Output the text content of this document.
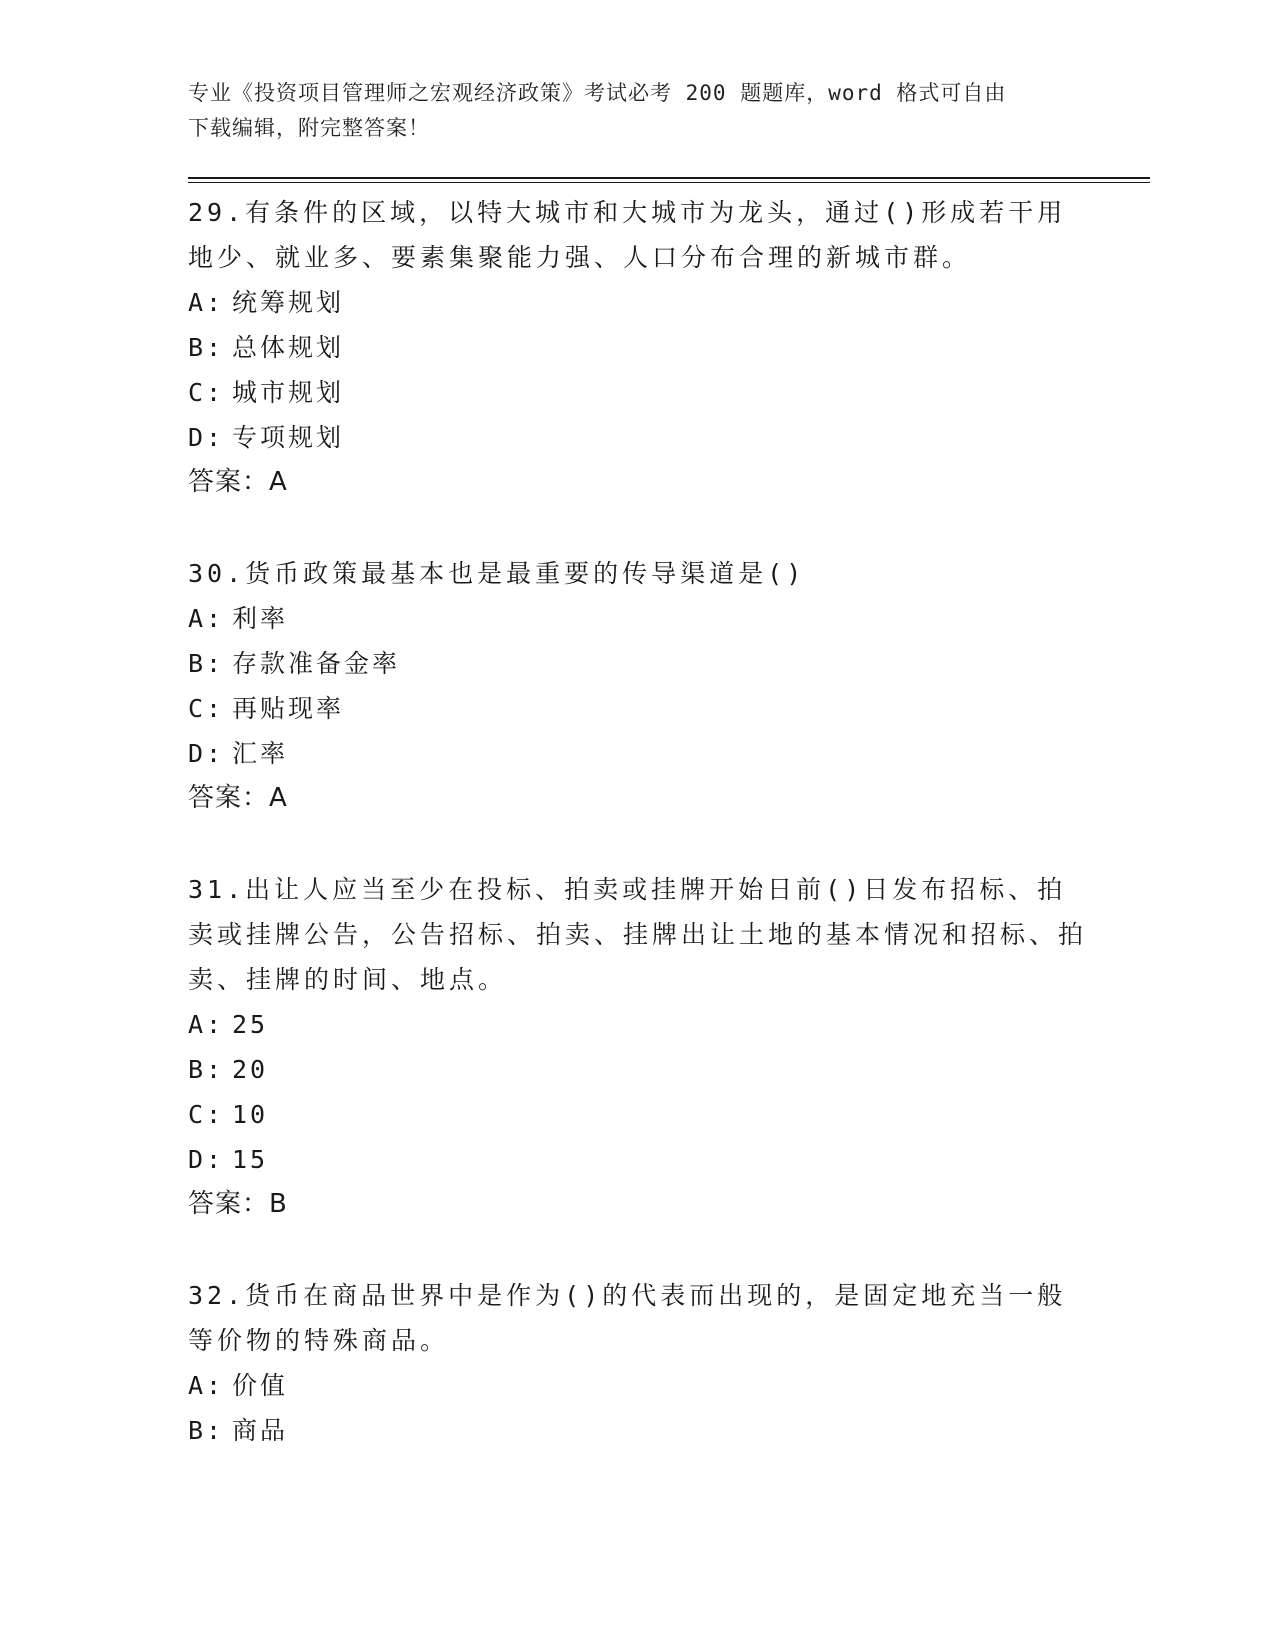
专业《投资项目管理师之宏观经济政策》考试必考 200 题题库，word 格式可自由
下载编辑，附完整答案！
29.有条件的区域，以特大城市和大城市为龙头，通过()形成若干用地少、就业多、要素集聚能力强、人口分布合理的新城市群。
A: 统筹规划
B: 总体规划
C: 城市规划
D: 专项规划
答案：A
30.货币政策最基本也是最重要的传导渠道是()
A: 利率
B: 存款准备金率
C: 再贴现率
D: 汇率
答案：A
31.出让人应当至少在投标、拍卖或挂牌开始日前()日发布招标、拍卖或挂牌公告，公告招标、拍卖、挂牌出让土地的基本情况和招标、拍卖、挂牌的时间、地点。
A: 25
B: 20
C: 10
D: 15
答案：B
32.货币在商品世界中是作为()的代表而出现的，是固定地充当一般等价物的特殊商品。
A: 价值
B: 商品
